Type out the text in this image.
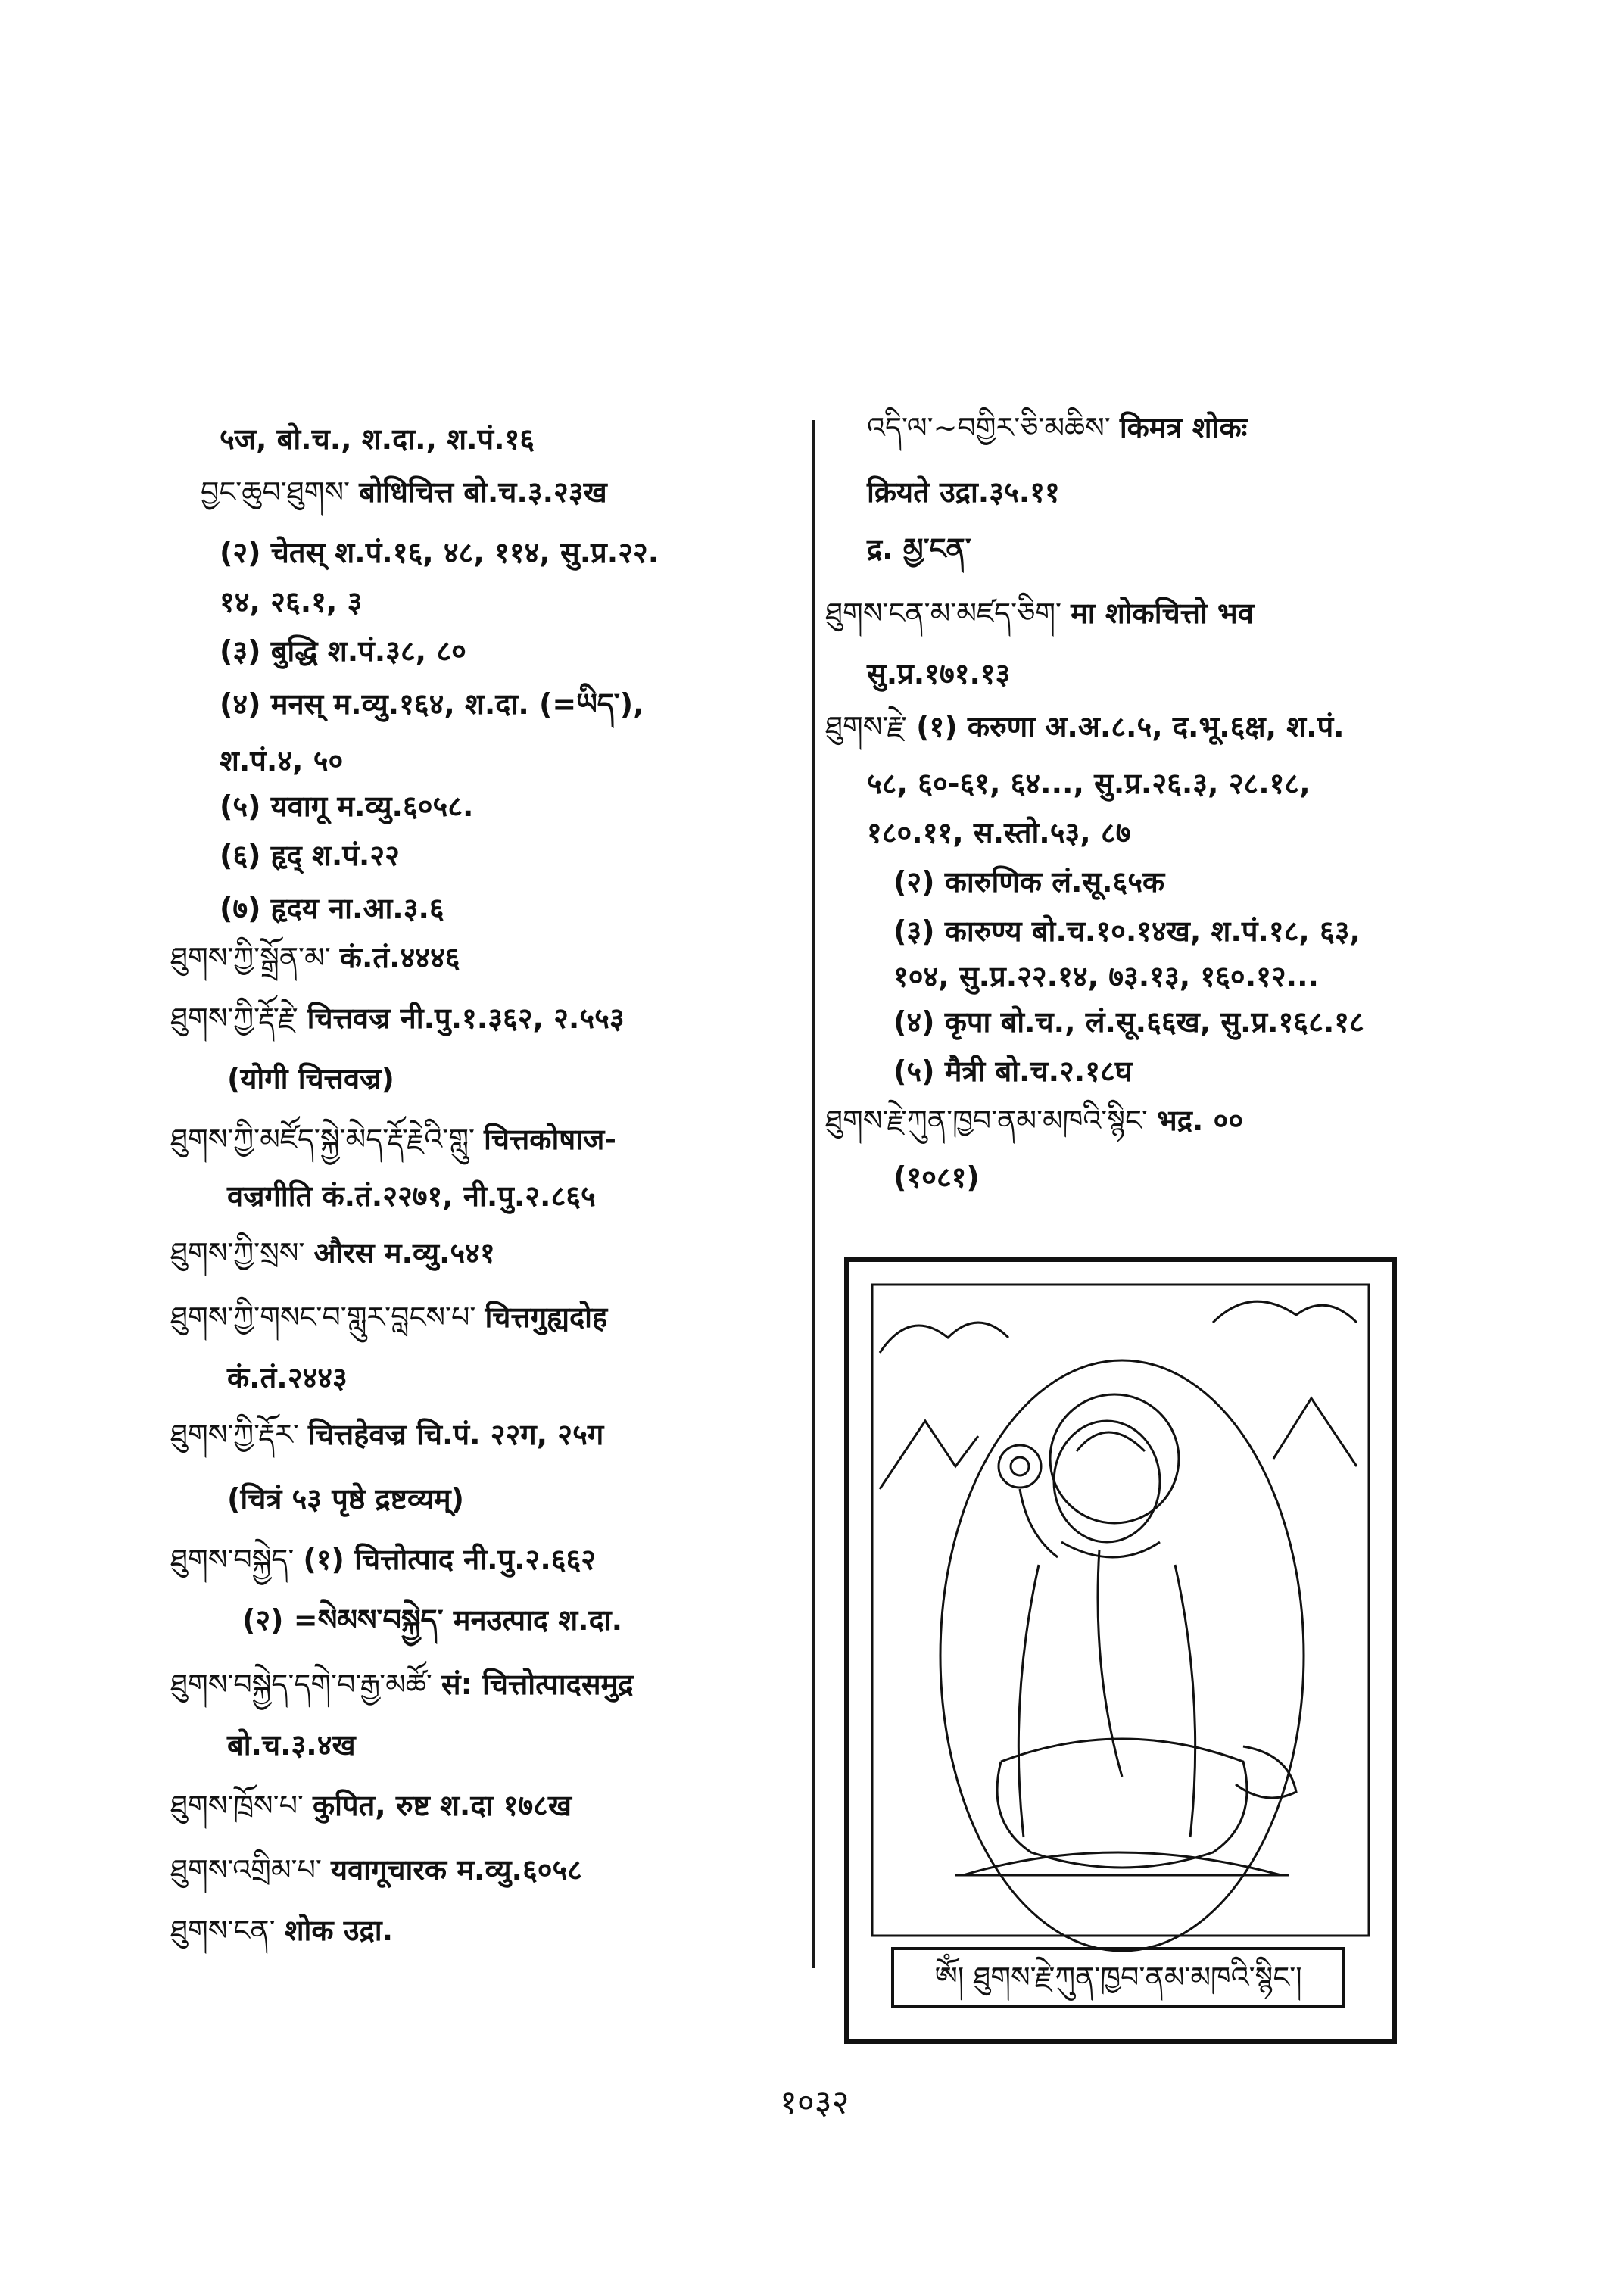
५ज, बो.च., श.दा., श.पं.१६
བྱང་ཆུབ་ཐུགས་ बोधिचित्त बो.च.३.२३ख
(२) चेतस् श.पं.१६, ४८, ११४, सु.प्र.२२.
१४, २६.१, ३
(३) बुद्धि श.पं.३८, ८०
(४) मनस् म.व्यु.१६४, श.दा. (=ཡིད་),
श.पं.४, ५०
(५) यवागू म.व्यु.६०५८.
(६) हृद् श.पं.२२
(७) हृदय ना.आ.३.६
ཐུགས་ཀྱི་སྒྲོན་མ་ कं.तं.४४४६
ཐུགས་ཀྱི་རྡོ་རྗེ་ चित्तवज्र नी.पु.१.३६२, २.५५३
(योगी चित्तवज्र)
ཐུགས་ཀྱི་མཛོད་སྐྱེ་མེད་རྡོ་རྗེའི་གླུ་ चित्तकोषाज-
वज्रगीति कं.तं.२२७१, नी.पु.२.८६५
ཐུགས་ཀྱི་སྲས་ औरस म.व्यु.५४१
ཐུགས་ཀྱི་གསང་བ་གླུར་བླངས་པ་ चित्तगुह्यदोह
कं.तं.२४४३
ཐུགས་ཀྱི་རྡོར་ चित्तहेवज्र चि.पं. २२ग, २५ग
(चित्रं ५३ पृष्ठे द्रष्टव्यम्)
ཐུགས་བསྐྱེད་ (१) चित्तोत्पाद नी.पु.२.६६२
(२) =སེམས་བསྐྱེད་ मनउत्पाद श.दा.
ཐུགས་བསྐྱེད་དགེ་བ་རྒྱ་མཚོ་ सं: चित्तोत्पादसमुद्र
बो.च.३.४ख
ཐུགས་ཁྲོས་པ་ कुपित, रुष्ट श.दा १७८ख
ཐུགས་འགྲིམ་པ་ यवागूचारक म.व्यु.६०५८
ཐུགས་ངན་ शोक उद्रा.
འདི་ལ་~བགྱིར་ཅི་མཆིས་ किमत्र शोकः
क्रियते उद्रा.३५.११
द्र. མྱ་ངན་
ཐུགས་ངན་མ་མཛད་ཅིག་ मा शोकचित्तो भव
सु.प्र.१७१.१३
ཐུགས་རྗེ་ (१) करुणा अ.अ.८.५, द.भू.६क्ष, श.पं.
५८, ६०-६१, ६४..., सु.प्र.२६.३, २८.१८,
१८०.११, स.स्तो.५३, ८७
(२) कारुणिक लं.सू.६५क
(३) कारुण्य बो.च.१०.१४ख, श.पं.१८, ६३,
१०४, सु.प्र.२२.१४, ७३.१३, १६०.१२...
(४) कृपा बो.च., लं.सू.६६ख, सु.प्र.१६८.१८
(५) मैत्री बो.च.२.१८घ
ཐུགས་རྗེ་ཀུན་ཁྱབ་ནམ་མཁའི་སྙིང་ भद्र. ००
(१०८१)
ༀ། ཐུགས་རྗེ་ཀུན་ཁྱབ་ནམ་མཁའི་སྙིང་།
१०३२
